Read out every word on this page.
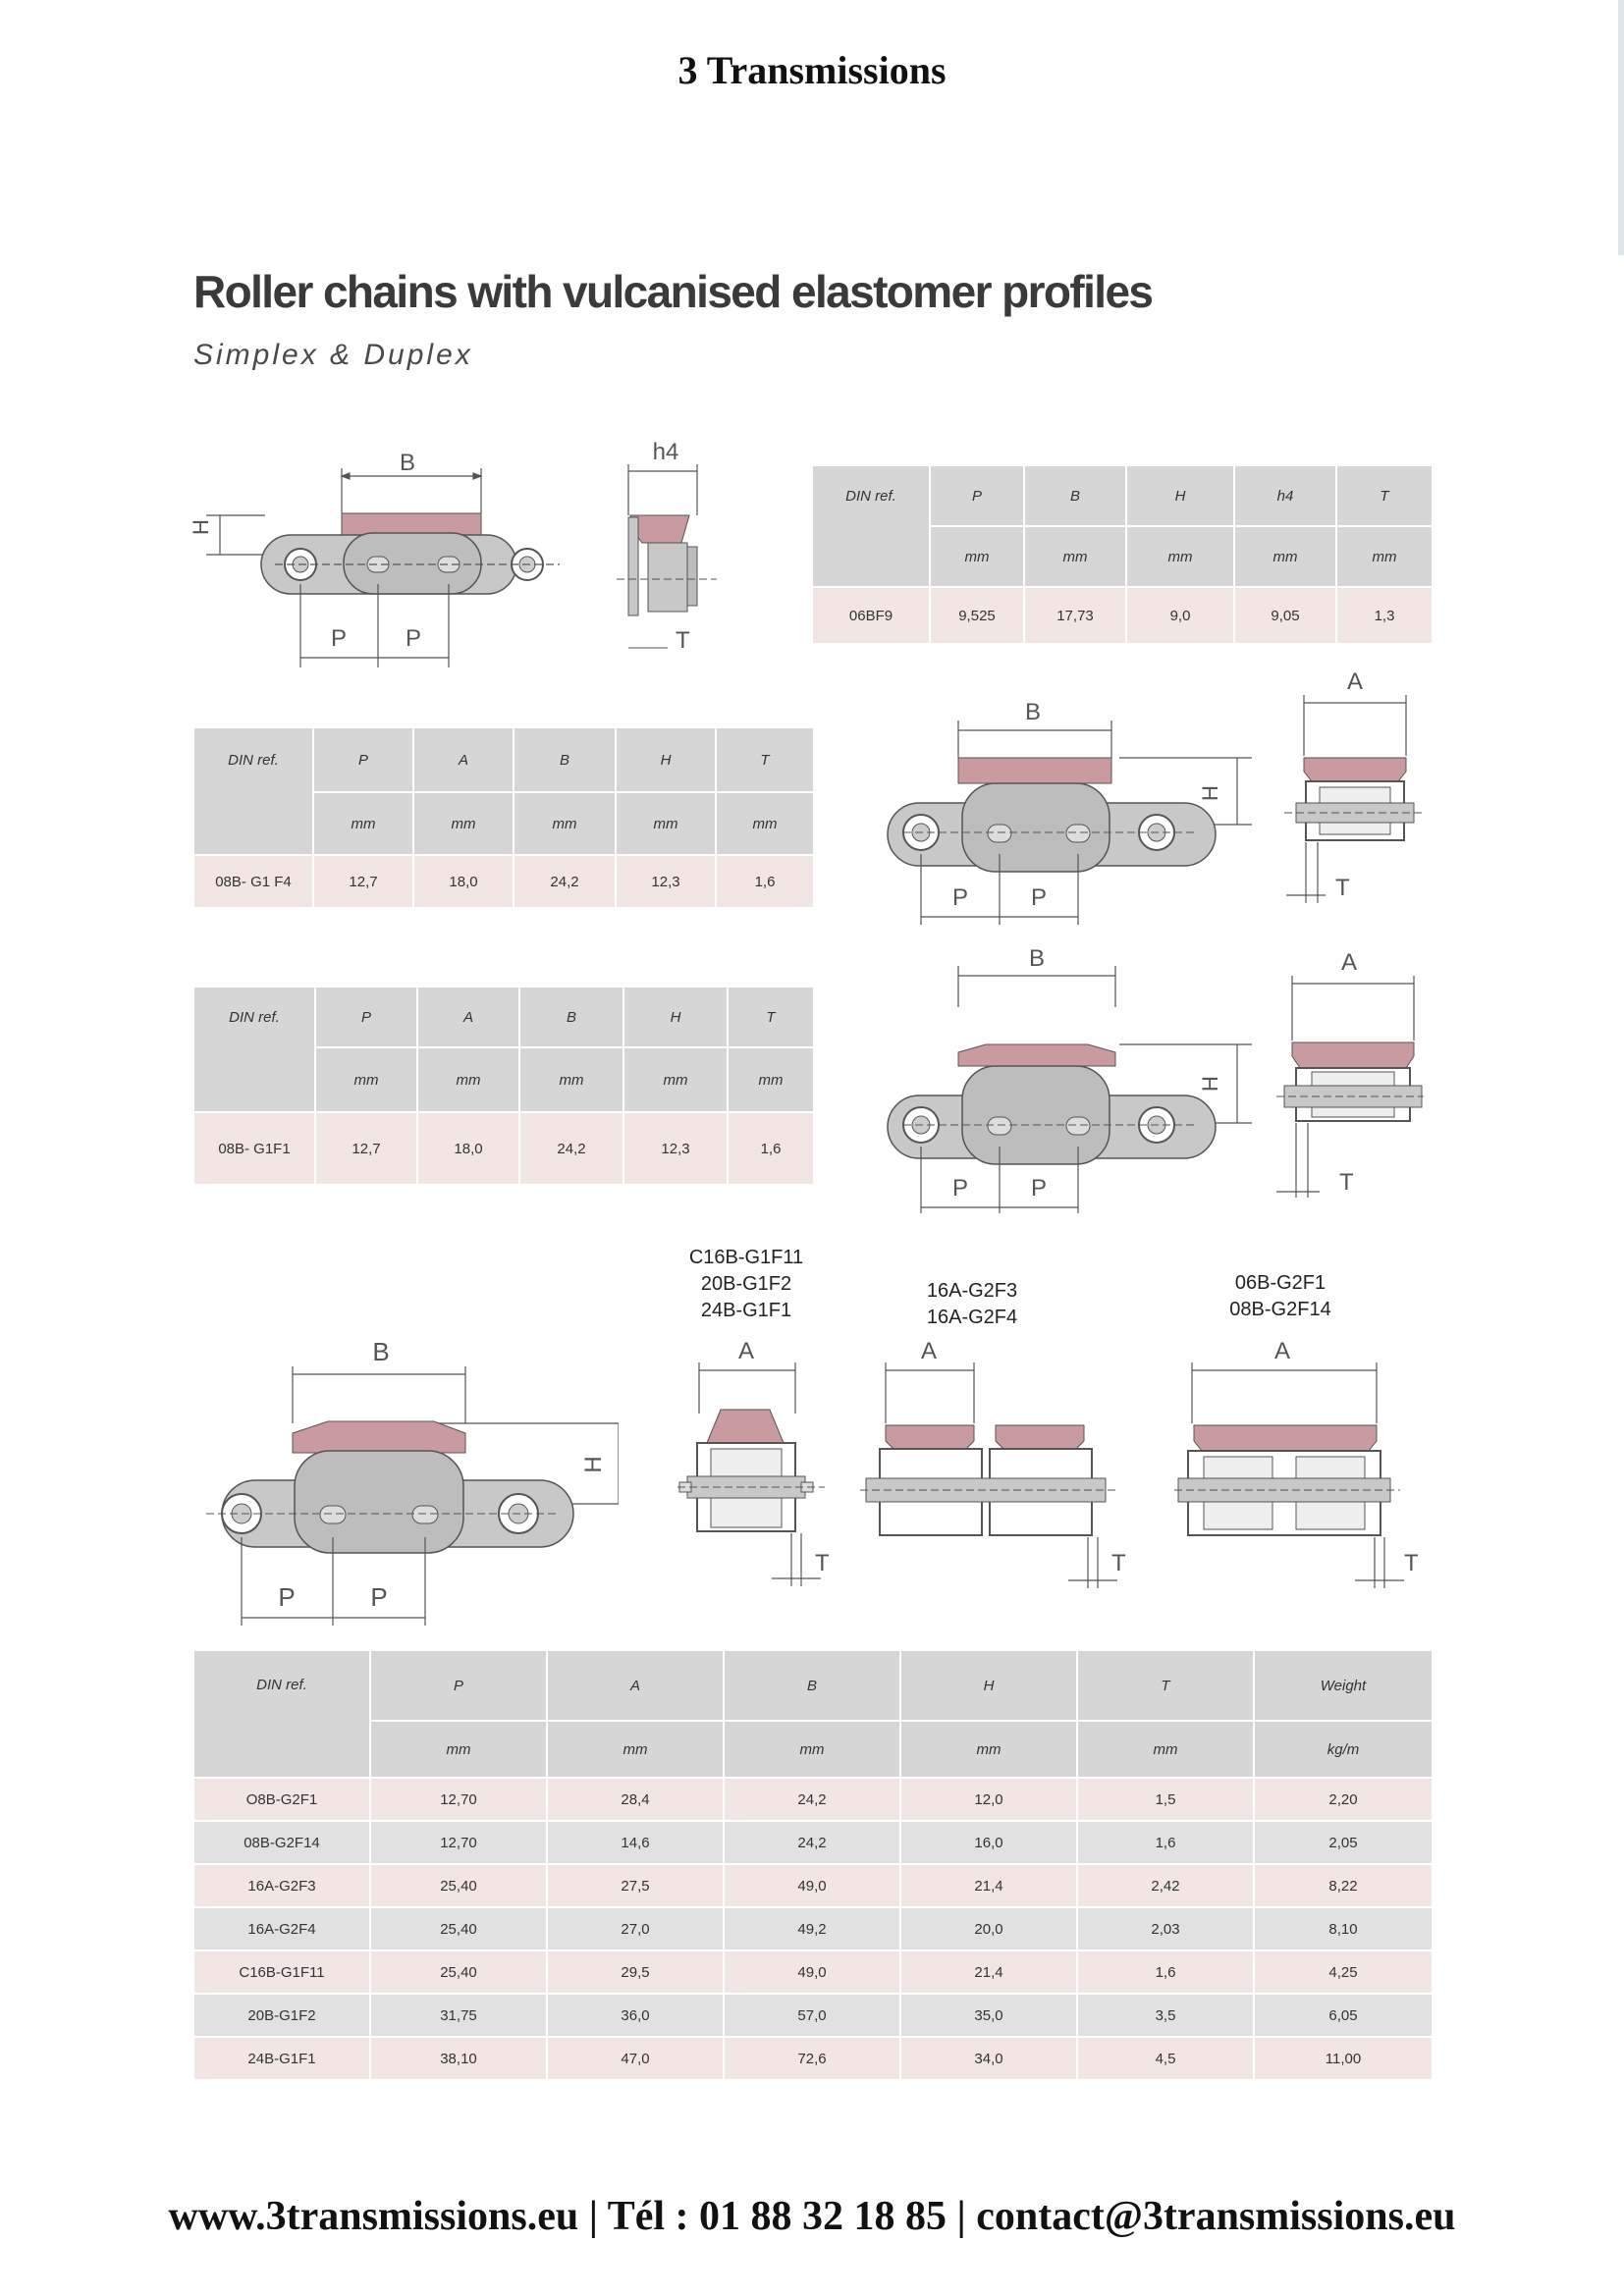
3 Transmissions
Roller chains with vulcanised elastomer profiles
Simplex & Duplex
B
H
P P
h4
T
DIN ref.	P	B	H	h4	T
	mm	mm	mm	mm	mm
06BF9	9,525	17,73	9,0	9,05	1,3
DIN ref.	P	A	B	H	T
	mm	mm	mm	mm	mm
08B- G1 F4	12,7	18,0	24,2	12,3	1,6
B
H
P	P
A
T
DIN ref.	P	A	B	H	T
	mm	mm	mm	mm	mm
08B- G1F1	12,7	18,0	24,2	12,3	1,6
B
H
P	P
A
T
B
H
P	P
C16B-G1F11
20B-G1F2
24B-G1F1
A
T
16A-G2F3
16A-G2F4
A
T
06B-G2F1
08B-G2F14
A
T
DIN ref.	P	A	B	H	T	Weight
	mm	mm	mm	mm	mm	kg/m
O8B-G2F1	12,70	28,4	24,2	12,0	1,5	2,20
08B-G2F14	12,70	14,6	24,2	16,0	1,6	2,05
16A-G2F3	25,40	27,5	49,0	21,4	2,42	8,22
16A-G2F4	25,40	27,0	49,2	20,0	2,03	8,10
C16B-G1F11	25,40	29,5	49,0	21,4	1,6	4,25
20B-G1F2	31,75	36,0	57,0	35,0	3,5	6,05
24B-G1F1	38,10	47,0	72,6	34,0	4,5	11,00
www.3transmissions.eu | Tél : 01 88 32 18 85 | contact@3transmissions.eu
